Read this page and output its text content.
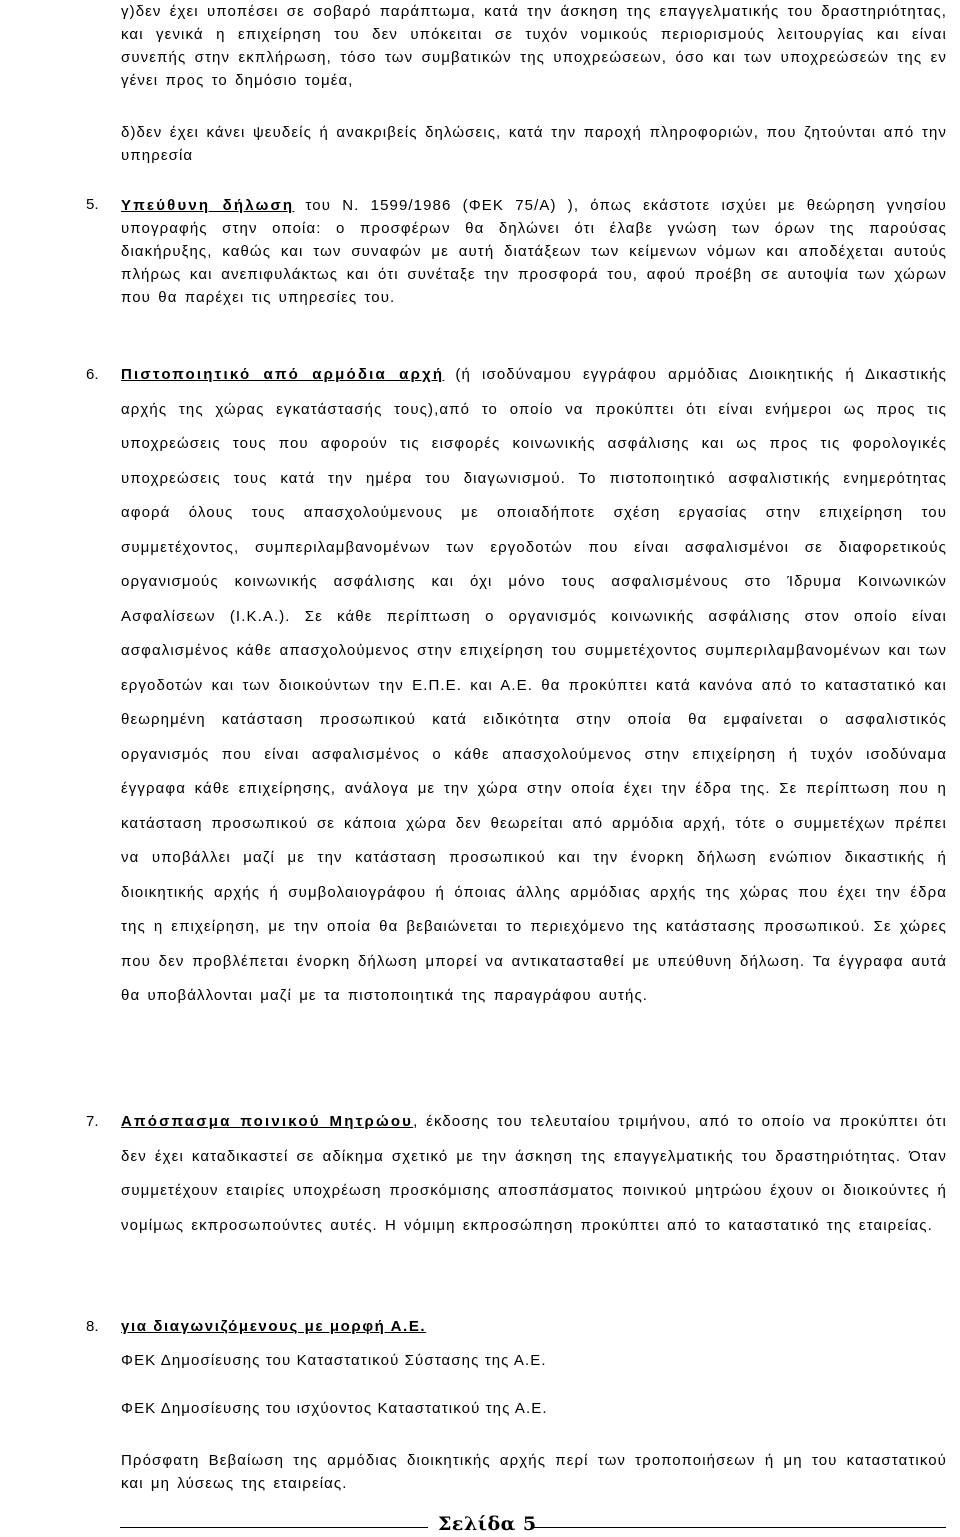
γ)δεν έχει υποπέσει σε σοβαρό παράπτωμα, κατά την άσκηση της επαγγελματικής του δραστηριότητας, και γενικά η επιχείρηση του δεν υπόκειται σε τυχόν νομικούς περιορισμούς λειτουργίας και είναι συνεπής στην εκπλήρωση, τόσο των συμβατικών της υποχρεώσεων, όσο και των υποχρεώσεών της εν γένει προς το δημόσιο τομέα,
δ)δεν έχει κάνει ψευδείς ή ανακριβείς δηλώσεις, κατά την παροχή πληροφοριών, που ζητούνται από την υπηρεσία
5. Υπεύθυνη δήλωση του Ν. 1599/1986 (ΦΕΚ 75/Α) ), όπως εκάστοτε ισχύει με θεώρηση γνησίου υπογραφής στην οποία: ο προσφέρων θα δηλώνει ότι έλαβε γνώση των όρων της παρούσας διακήρυξης, καθώς και των συναφών με αυτή διατάξεων των κείμενων νόμων και αποδέχεται αυτούς πλήρως και ανεπιφυλάκτως και ότι συνέταξε την προσφορά του, αφού προέβη σε αυτοψία των χώρων που θα παρέχει τις υπηρεσίες του.
6. Πιστοποιητικό από αρμόδια αρχή (ή ισοδύναμου εγγράφου αρμόδιας Διοικητικής ή Δικαστικής αρχής της χώρας εγκατάστασής τους),από το οποίο να προκύπτει ότι είναι ενήμεροι ως προς τις υποχρεώσεις τους που αφορούν τις εισφορές κοινωνικής ασφάλισης και ως προς τις φορολογικές υποχρεώσεις τους κατά την ημέρα του διαγωνισμού. Το πιστοποιητικό ασφαλιστικής ενημερότητας αφορά όλους τους απασχολούμενους με οποιαδήποτε σχέση εργασίας στην επιχείρηση του συμμετέχοντος, συμπεριλαμβανομένων των εργοδοτών που είναι ασφαλισμένοι σε διαφορετικούς οργανισμούς κοινωνικής ασφάλισης και όχι μόνο τους ασφαλισμένους στο Ίδρυμα Κοινωνικών Ασφαλίσεων (Ι.Κ.Α.). Σε κάθε περίπτωση ο οργανισμός κοινωνικής ασφάλισης στον οποίο είναι ασφαλισμένος κάθε απασχολούμενος στην επιχείρηση του συμμετέχοντος συμπεριλαμβανομένων και των εργοδοτών και των διοικούντων την Ε.Π.Ε. και Α.Ε. θα προκύπτει κατά κανόνα από το καταστατικό και θεωρημένη κατάσταση προσωπικού κατά ειδικότητα στην οποία θα εμφαίνεται ο ασφαλιστικός οργανισμός που είναι ασφαλισμένος ο κάθε απασχολούμενος στην επιχείρηση ή τυχόν ισοδύναμα έγγραφα κάθε επιχείρησης, ανάλογα με την χώρα στην οποία έχει την έδρα της. Σε περίπτωση που η κατάσταση προσωπικού σε κάποια χώρα δεν θεωρείται από αρμόδια αρχή, τότε ο συμμετέχων πρέπει να υποβάλλει μαζί με την κατάσταση προσωπικού και την ένορκη δήλωση ενώπιον δικαστικής ή διοικητικής αρχής ή συμβολαιογράφου ή όποιας άλλης αρμόδιας αρχής της χώρας που έχει την έδρα της η επιχείρηση, με την οποία θα βεβαιώνεται το περιεχόμενο της κατάστασης προσωπικού. Σε χώρες που δεν προβλέπεται ένορκη δήλωση μπορεί να αντικατασταθεί με υπεύθυνη δήλωση. Τα έγγραφα αυτά θα υποβάλλονται μαζί με τα πιστοποιητικά της παραγράφου αυτής.
7. Απόσπασμα ποινικού Μητρώου, έκδοσης του τελευταίου τριμήνου, από το οποίο να προκύπτει ότι δεν έχει καταδικαστεί σε αδίκημα σχετικό με την άσκηση της επαγγελματικής του δραστηριότητας. Όταν συμμετέχουν εταιρίες υποχρέωση προσκόμισης αποσπάσματος ποινικού μητρώου έχουν οι διοικούντες ή νομίμως εκπροσωπούντες αυτές. Η νόμιμη εκπροσώπηση προκύπτει από το καταστατικό της εταιρείας.
8. για διαγωνιζόμενους με μορφή Α.Ε.
ΦΕΚ Δημοσίευσης του Καταστατικού Σύστασης της Α.Ε.
ΦΕΚ Δημοσίευσης του ισχύοντος Καταστατικού της Α.Ε.
Πρόσφατη Βεβαίωση της αρμόδιας διοικητικής αρχής περί των τροποποιήσεων ή μη του καταστατικού και μη λύσεως της εταιρείας.
Σελίδα 5
